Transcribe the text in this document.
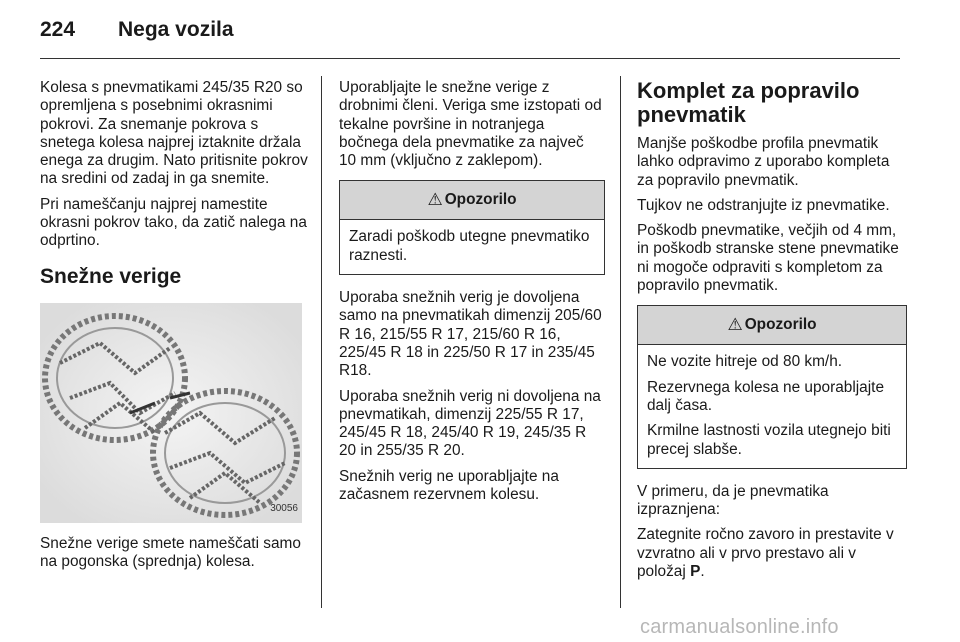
224	Nega vozila

Kolesa s pnevmatikami 245/35 R20 so opremljena s posebnimi okrasnimi pokrovi. Za snemanje pokrova s snetega kolesa najprej iztaknite držala enega za drugim. Nato pritisnite pokrov na sredini od zadaj in ga snemite.

Pri nameščanju najprej namestite okrasni pokrov tako, da zatič nalega na odprtino.

Snežne verige
30056

Snežne verige smete nameščati samo na pogonska (sprednja) kolesa.

Uporabljajte le snežne verige z drobnimi členi. Veriga sme izstopati od tekalne površine in notranjega bočnega dela pnevmatike za največ 10 mm (vključno z zaklepom).

⚠ Opozorilo

Zaradi poškodb utegne pnevmatiko raznesti.

Uporaba snežnih verig je dovoljena samo na pnevmatikah dimenzij 205/60 R 16, 215/55 R 17, 215/60 R 16, 225/45 R 18 in 225/50 R 17 in 235/45 R18.

Uporaba snežnih verig ni dovoljena na pnevmatikah, dimenzij 225/55 R 17, 245/45 R 18, 245/40 R 19, 245/35 R 20 in 255/35 R 20.

Snežnih verig ne uporabljajte na začasnem rezervnem kolesu.

Komplet za popravilo pnevmatik

Manjše poškodbe profila pnevmatik lahko odpravimo z uporabo kompleta za popravilo pnevmatik.

Tujkov ne odstranjujte iz pnevmatike.

Poškodb pnevmatike, večjih od 4 mm, in poškodb stranske stene pnevmatike ni mogoče odpraviti s kompletom za popravilo pnevmatik.

⚠ Opozorilo

Ne vozite hitreje od 80 km/h.

Rezervnega kolesa ne uporabljajte dalj časa.

Krmilne lastnosti vozila utegnejo biti precej slabše.

V primeru, da je pnevmatika izpraznjena:

Zategnite ročno zavoro in prestavite v vzvratno ali v prvo prestavo ali v položaj P.

carmanualsonline.info
